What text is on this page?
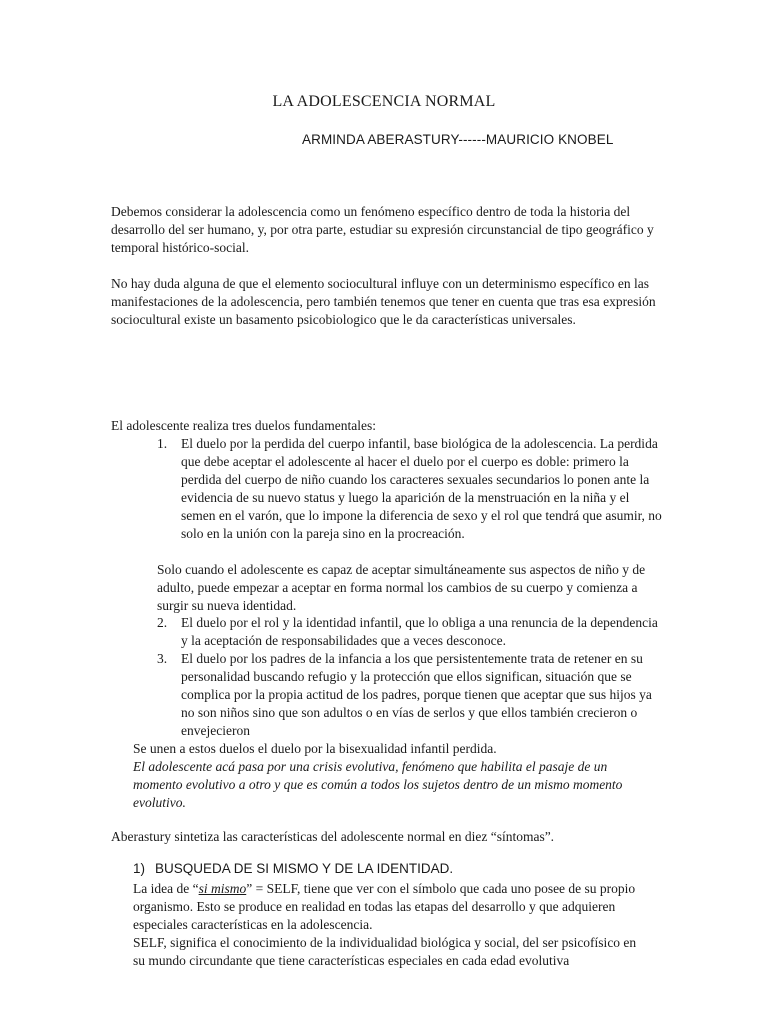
LA ADOLESCENCIA NORMAL
ARMINDA ABERASTURY------MAURICIO KNOBEL

Debemos considerar la adolescencia como un fenómeno específico dentro de toda la historia del desarrollo del ser humano, y, por otra parte, estudiar su expresión circunstancial de tipo geográfico y temporal histórico-social.

No hay duda alguna de que el elemento sociocultural influye con un determinismo específico en las manifestaciones de la adolescencia, pero también tenemos que tener en cuenta que tras esa expresión sociocultural existe un basamento psicobiologico que le da características universales.

El adolescente realiza tres duelos fundamentales:
1. El duelo por la perdida del cuerpo infantil, base biológica de la adolescencia. La perdida que debe aceptar el adolescente al hacer el duelo por el cuerpo es doble: primero la perdida del cuerpo de niño cuando los caracteres sexuales secundarios lo ponen ante la evidencia de su nuevo status y luego la aparición de la menstruación en la niña y el semen en el varón, que lo impone la diferencia de sexo y el rol que tendrá que asumir, no solo en la unión con la pareja sino en la procreación.
Solo cuando el adolescente es capaz de aceptar simultáneamente sus aspectos de niño y de adulto, puede empezar a aceptar en forma normal los cambios de su cuerpo y comienza a surgir su nueva identidad.
2. El duelo por el rol y la identidad infantil, que lo obliga a una renuncia de la dependencia y la aceptación de responsabilidades que a veces desconoce.
3. El duelo por los padres de la infancia a los que persistentemente trata de retener en su personalidad buscando refugio y la protección que ellos significan, situación que se complica por la propia actitud de los padres, porque tienen que aceptar que sus hijos ya no son niños sino que son adultos o en vías de serlos y que ellos también crecieron o envejecieron
Se unen a estos duelos el duelo por la bisexualidad infantil perdida.
El adolescente acá pasa por una crisis evolutiva, fenómeno que habilita el pasaje de un momento evolutivo a otro y que es común a todos los sujetos dentro de un mismo momento evolutivo.
Aberastury sintetiza las características del adolescente normal en diez “síntomas”.
1) BUSQUEDA DE SI MISMO Y DE LA IDENTIDAD.
La idea de “si mismo” = SELF, tiene que ver con el símbolo que cada uno posee de su propio organismo. Esto se produce en realidad en todas las etapas del desarrollo y que adquieren especiales características en la adolescencia.
SELF, significa el conocimiento de la individualidad biológica y social, del ser psicofísico en su mundo circundante que tiene características especiales en cada edad evolutiva
